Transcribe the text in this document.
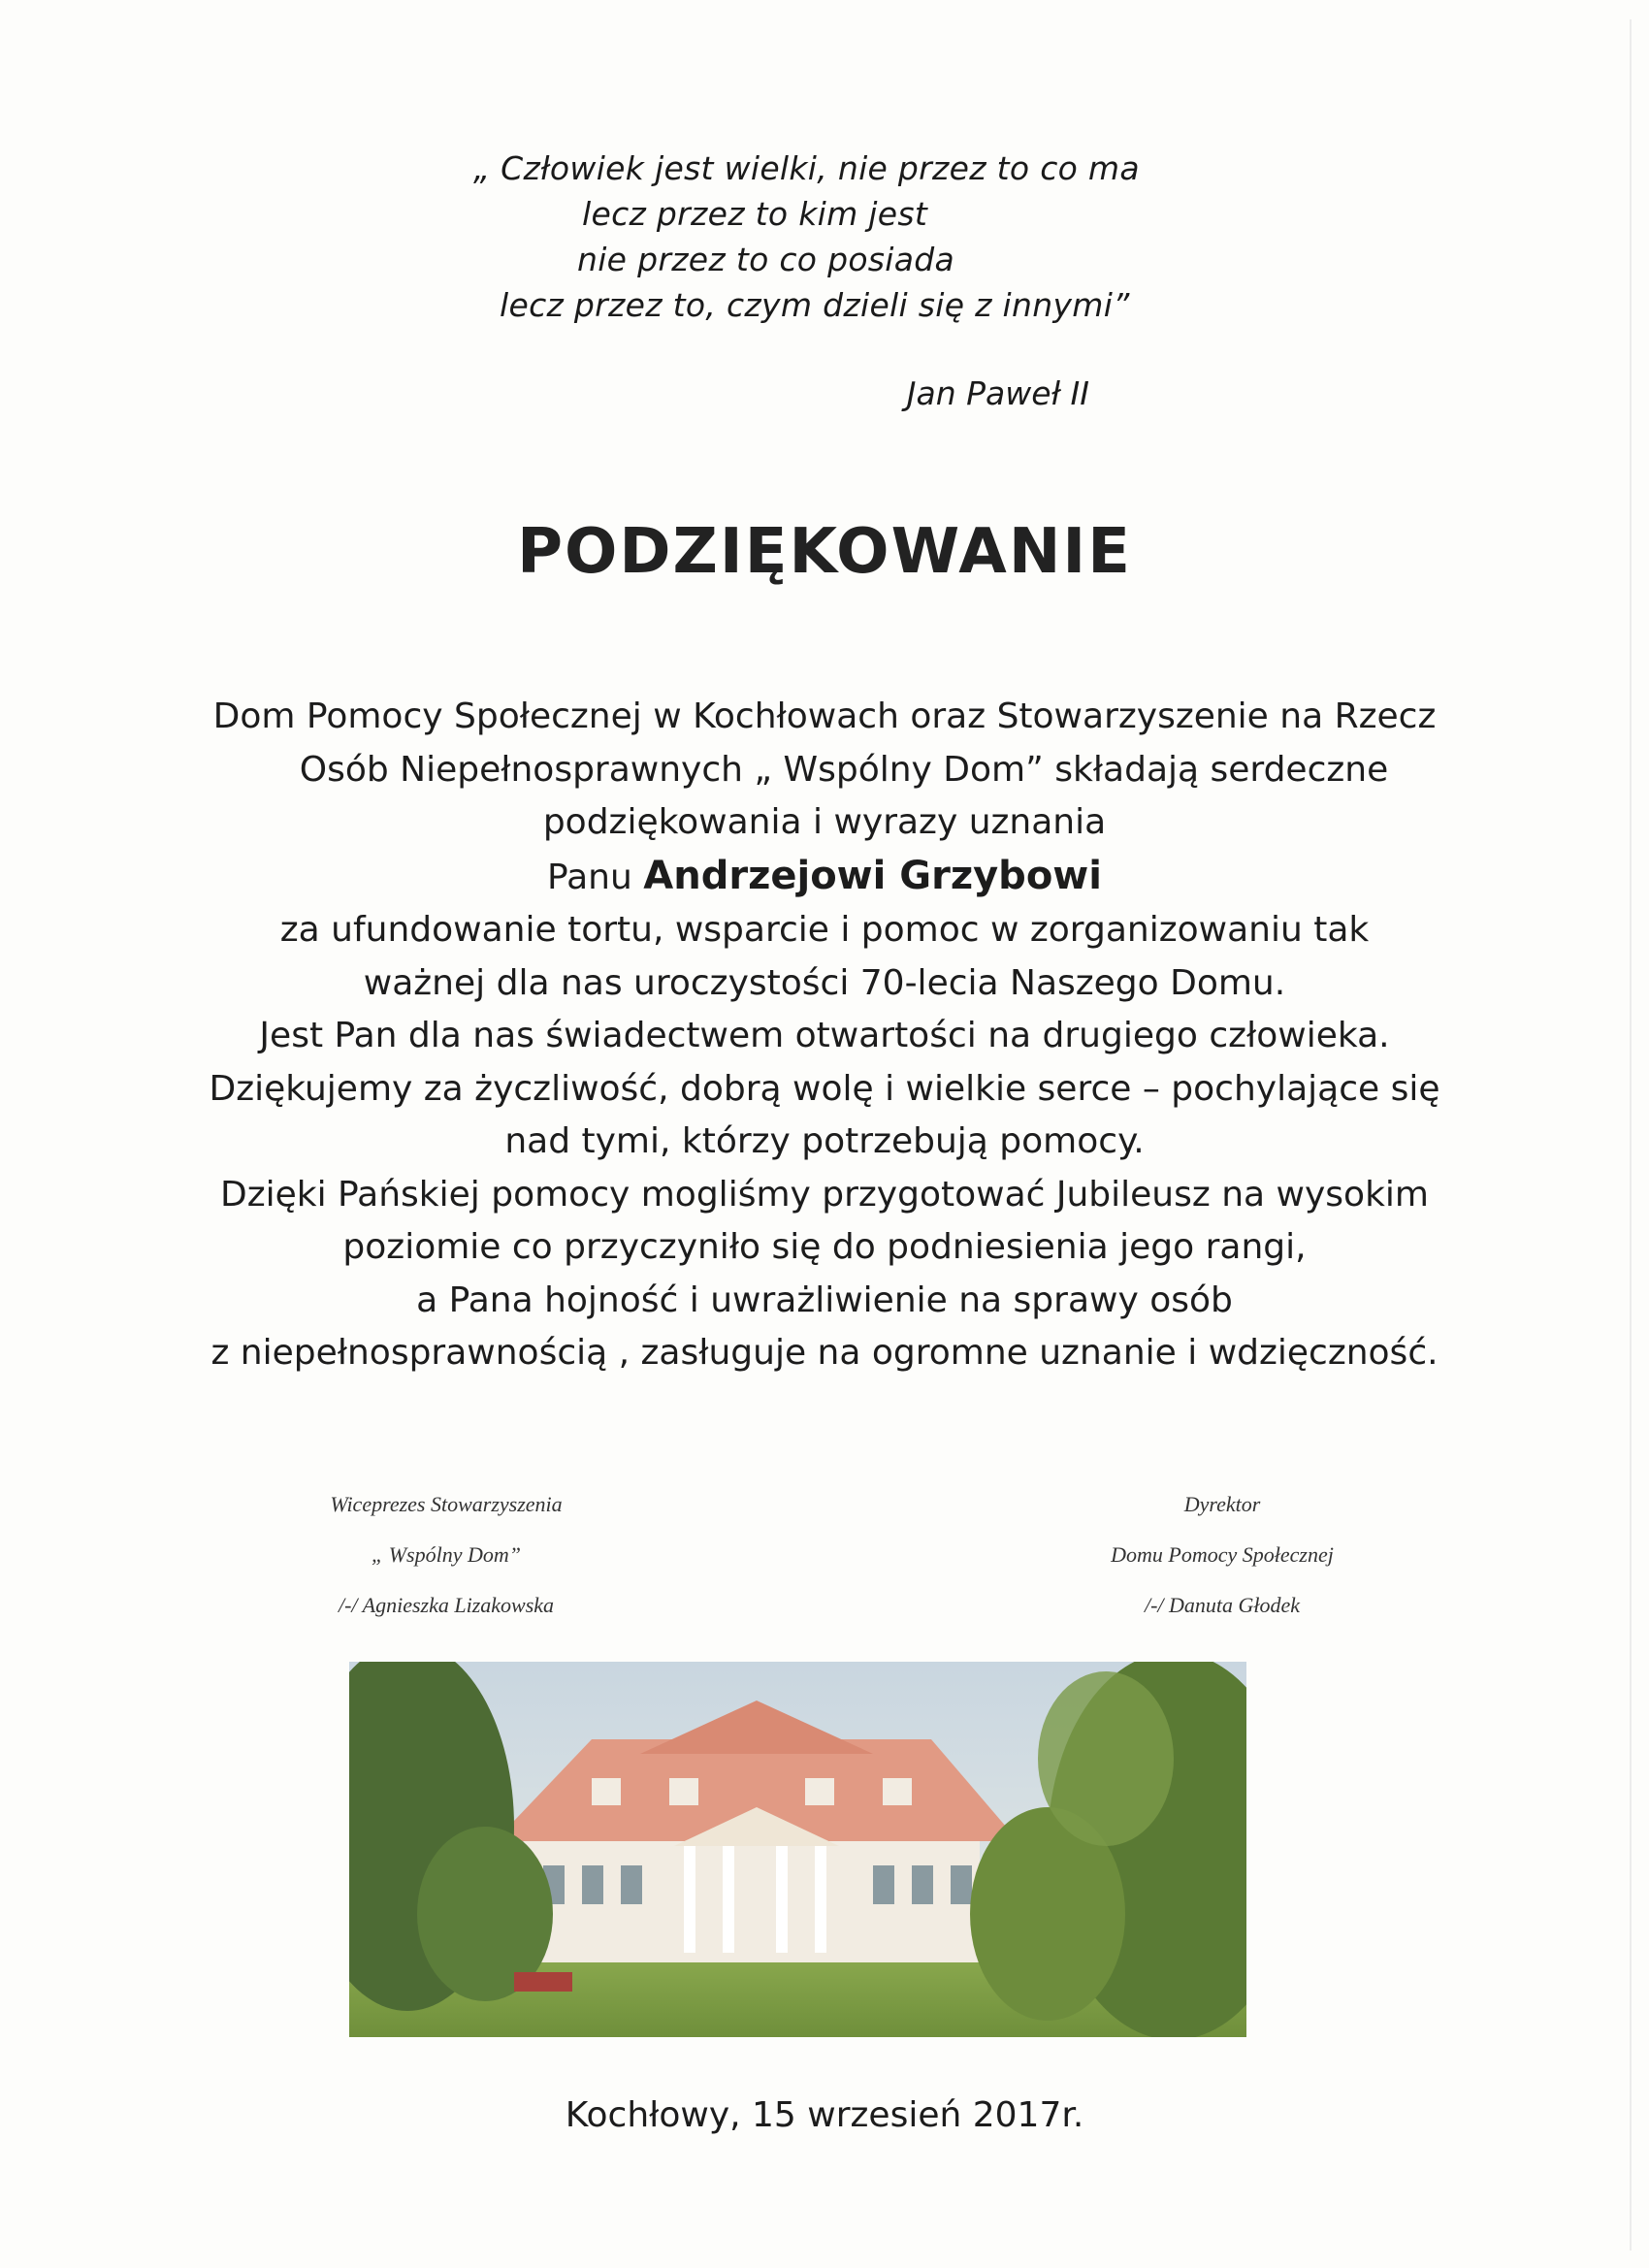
„ Człowiek jest wielki, nie przez to co ma
lecz przez to kim jest
nie przez to co posiada
lecz przez to, czym dzieli się z innymi”
Jan Paweł II
PODZIĘKOWANIE
Dom Pomocy Społecznej w Kochłowach oraz Stowarzyszenie na Rzecz
Osób Niepełnosprawnych „ Wspólny Dom” składają serdeczne
podziękowania i wyrazy uznania
Panu Andrzejowi Grzybowi
za ufundowanie tortu, wsparcie i pomoc w zorganizowaniu tak
ważnej dla nas uroczystości 70-lecia Naszego Domu.
Jest Pan dla nas świadectwem otwartości na drugiego człowieka.
Dziękujemy za życzliwość, dobrą wolę i wielkie serce – pochylające się
nad tymi, którzy potrzebują pomocy.
Dzięki Pańskiej pomocy mogliśmy przygotować Jubileusz na wysokim
poziomie co przyczyniło się do podniesienia jego rangi,
a Pana hojność i uwrażliwienie na sprawy osób
z niepełnosprawnością , zasługuje na ogromne uznanie i wdzięczność.
Wiceprezes Stowarzyszenia
„ Wspólny Dom”
/-/ Agnieszka Lizakowska
Dyrektor
Domu Pomocy Społecznej
/-/ Danuta Głodek
Kochłowy, 15 wrzesień 2017r.
